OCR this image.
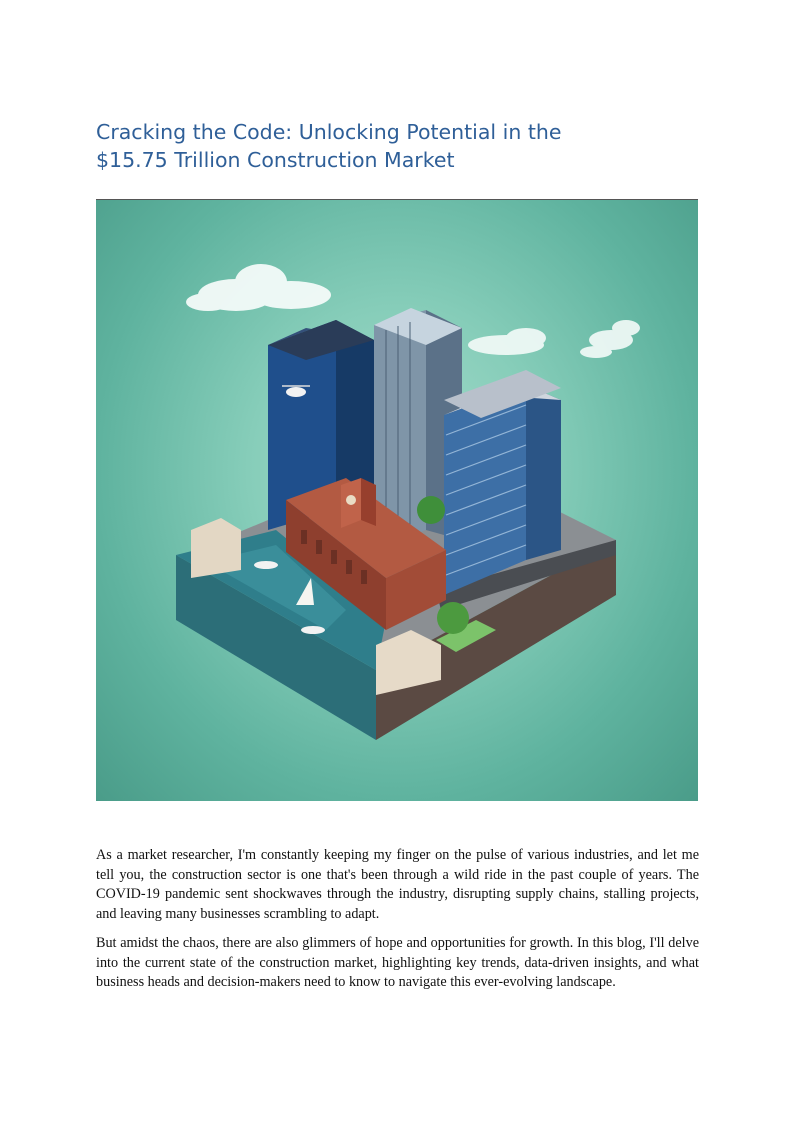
Cracking the Code: Unlocking Potential in the
$15.75 Trillion Construction Market

As a market researcher, I'm constantly keeping my finger on the pulse of various industries, and let me tell you, the construction sector is one that's been through a wild ride in the past couple of years. The COVID-19 pandemic sent shockwaves through the industry, disrupting supply chains, stalling projects, and leaving many businesses scrambling to adapt.

But amidst the chaos, there are also glimmers of hope and opportunities for growth. In this blog, I'll delve into the current state of the construction market, highlighting key trends, data-driven insights, and what business heads and decision-makers need to know to navigate this ever-evolving landscape.
